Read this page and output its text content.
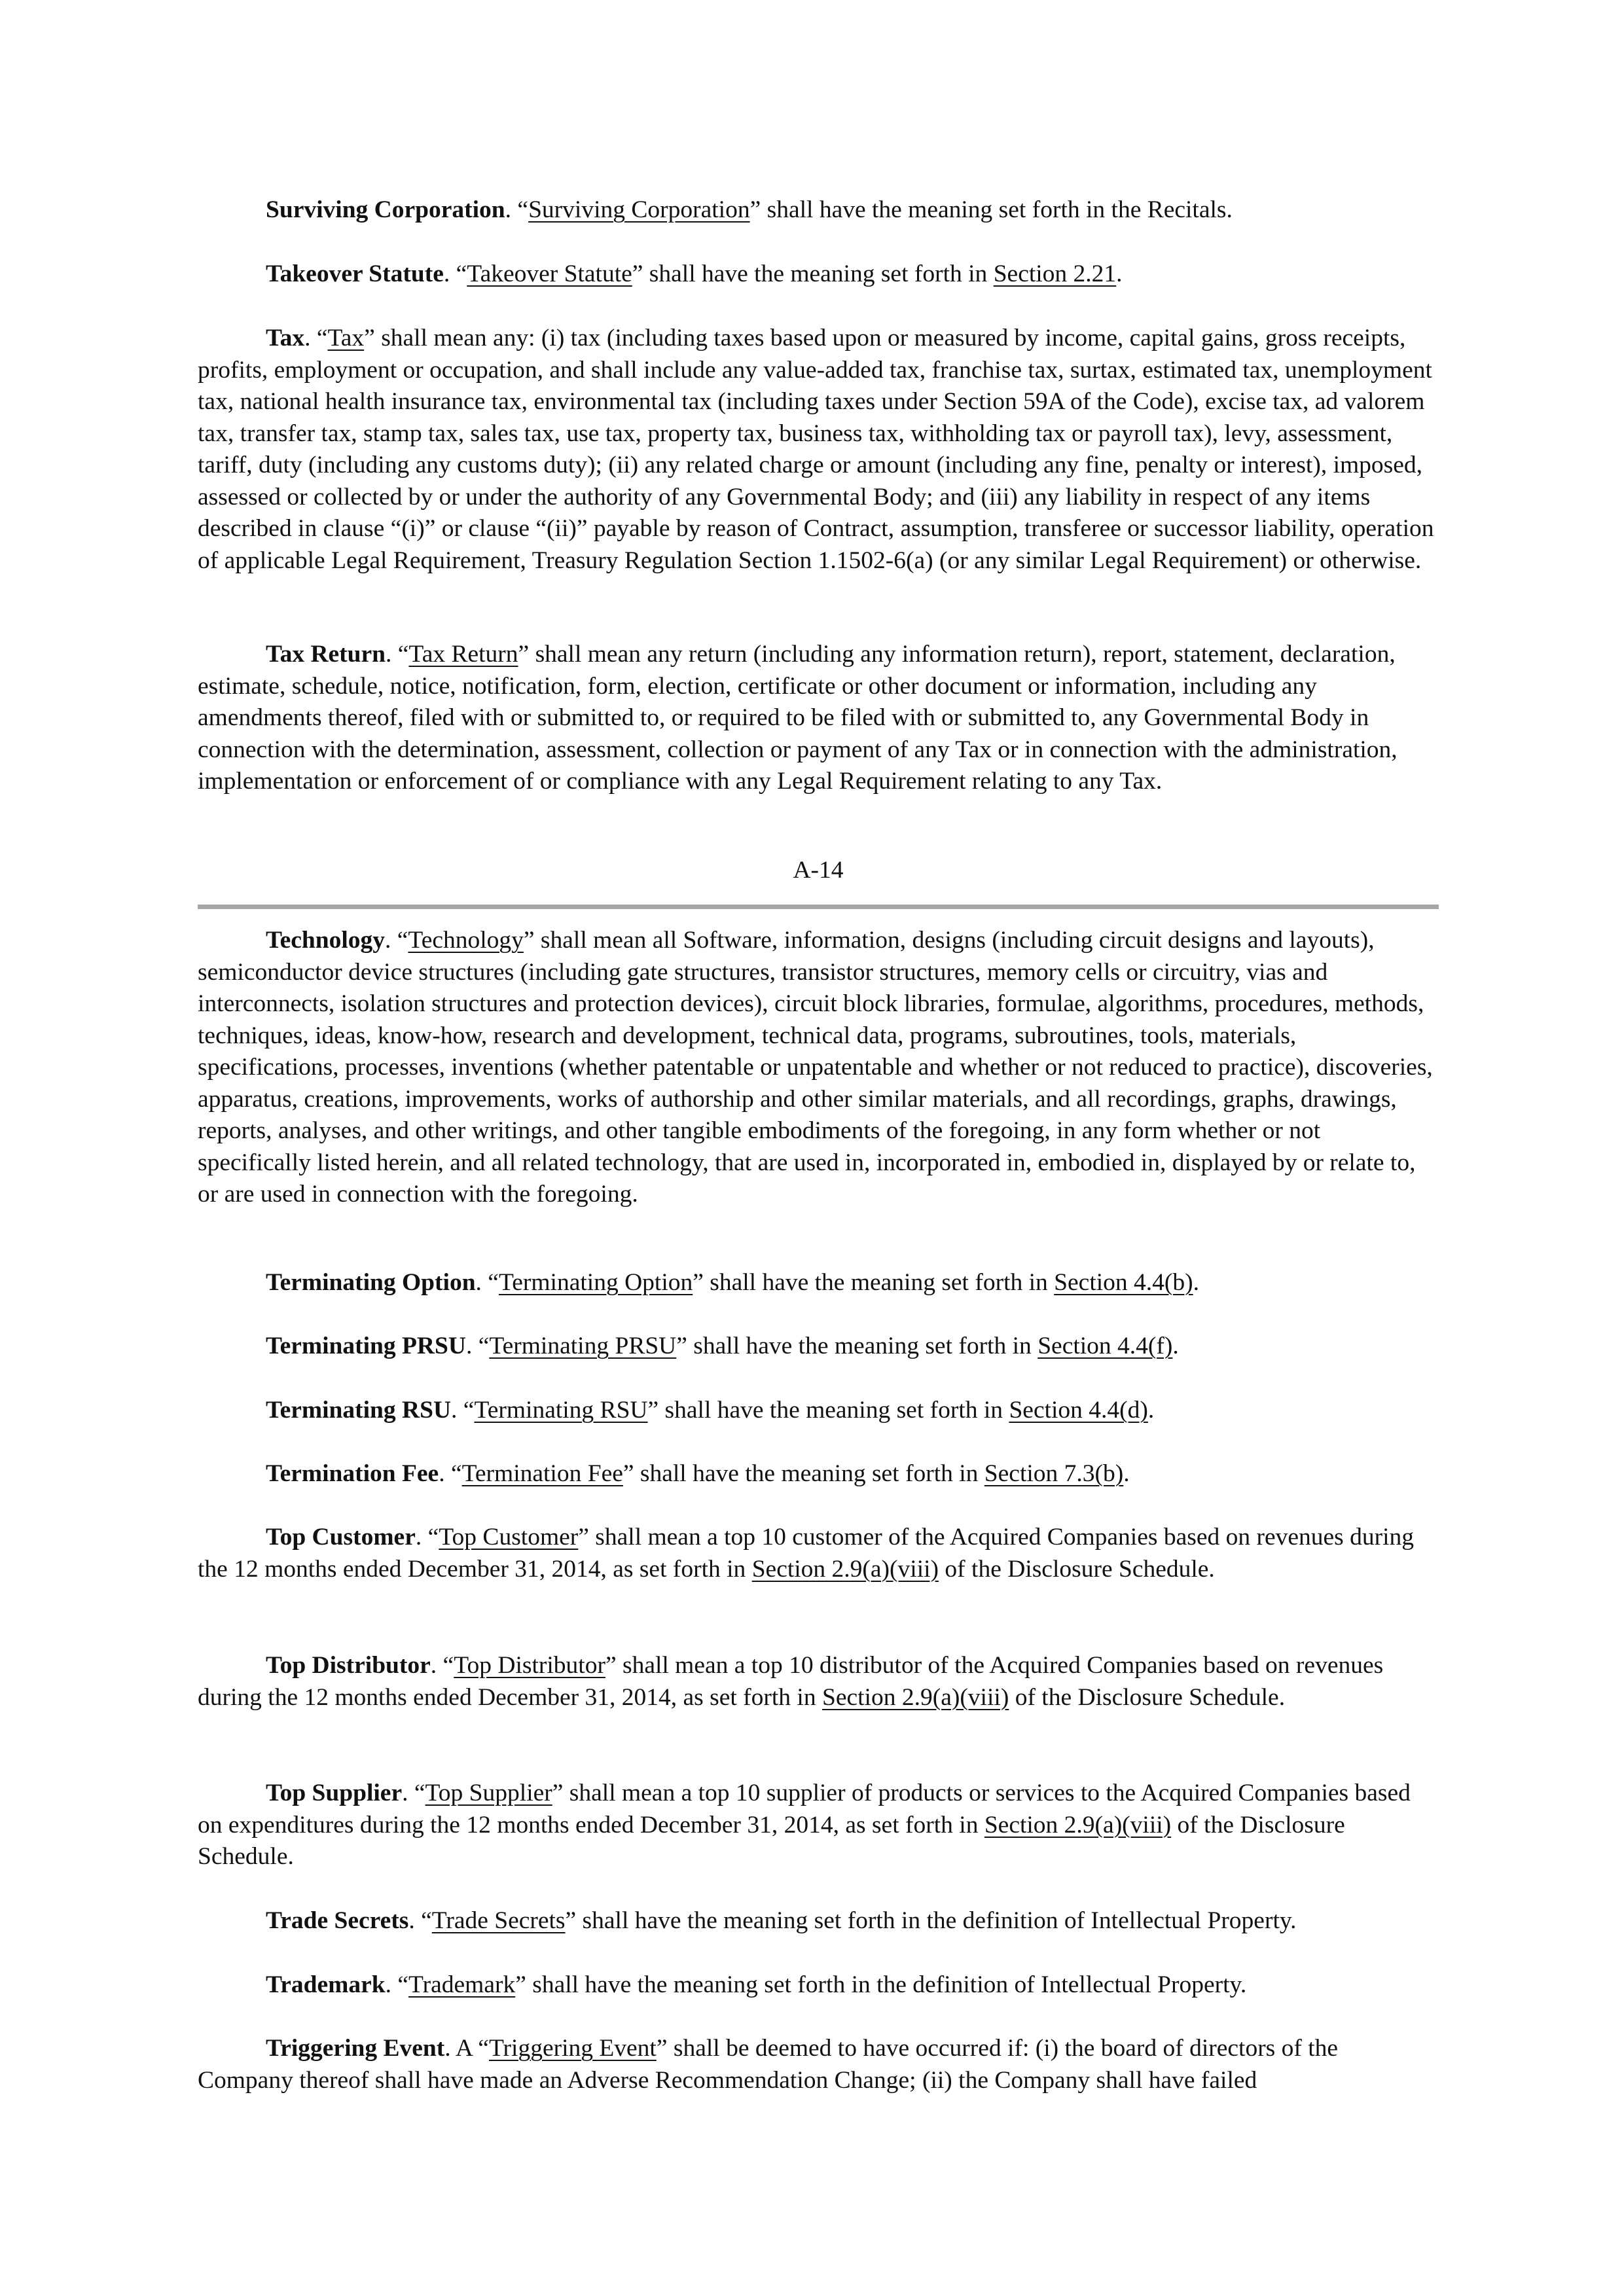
Surviving Corporation. “Surviving Corporation” shall have the meaning set forth in the Recitals.

Takeover Statute. “Takeover Statute” shall have the meaning set forth in Section 2.21.

Tax. “Tax” shall mean any: (i) tax (including taxes based upon or measured by income, capital gains, gross receipts, profits, employment or occupation, and shall include any value-added tax, franchise tax, surtax, estimated tax, unemployment tax, national health insurance tax, environmental tax (including taxes under Section 59A of the Code), excise tax, ad valorem tax, transfer tax, stamp tax, sales tax, use tax, property tax, business tax, withholding tax or payroll tax), levy, assessment, tariff, duty (including any customs duty); (ii) any related charge or amount (including any fine, penalty or interest), imposed, assessed or collected by or under the authority of any Governmental Body; and (iii) any liability in respect of any items described in clause “(i)” or clause “(ii)” payable by reason of Contract, assumption, transferee or successor liability, operation of applicable Legal Requirement, Treasury Regulation Section 1.1502-6(a) (or any similar Legal Requirement) or otherwise.

Tax Return. “Tax Return” shall mean any return (including any information return), report, statement, declaration, estimate, schedule, notice, notification, form, election, certificate or other document or information, including any amendments thereof, filed with or submitted to, or required to be filed with or submitted to, any Governmental Body in connection with the determination, assessment, collection or payment of any Tax or in connection with the administration, implementation or enforcement of or compliance with any Legal Requirement relating to any Tax.

A-14

Technology. “Technology” shall mean all Software, information, designs (including circuit designs and layouts), semiconductor device structures (including gate structures, transistor structures, memory cells or circuitry, vias and interconnects, isolation structures and protection devices), circuit block libraries, formulae, algorithms, procedures, methods, techniques, ideas, know-how, research and development, technical data, programs, subroutines, tools, materials, specifications, processes, inventions (whether patentable or unpatentable and whether or not reduced to practice), discoveries, apparatus, creations, improvements, works of authorship and other similar materials, and all recordings, graphs, drawings, reports, analyses, and other writings, and other tangible embodiments of the foregoing, in any form whether or not specifically listed herein, and all related technology, that are used in, incorporated in, embodied in, displayed by or relate to, or are used in connection with the foregoing.

Terminating Option. “Terminating Option” shall have the meaning set forth in Section 4.4(b).

Terminating PRSU. “Terminating PRSU” shall have the meaning set forth in Section 4.4(f).

Terminating RSU. “Terminating RSU” shall have the meaning set forth in Section 4.4(d).

Termination Fee. “Termination Fee” shall have the meaning set forth in Section 7.3(b).

Top Customer. “Top Customer” shall mean a top 10 customer of the Acquired Companies based on revenues during the 12 months ended December 31, 2014, as set forth in Section 2.9(a)(viii) of the Disclosure Schedule.

Top Distributor. “Top Distributor” shall mean a top 10 distributor of the Acquired Companies based on revenues during the 12 months ended December 31, 2014, as set forth in Section 2.9(a)(viii) of the Disclosure Schedule.

Top Supplier. “Top Supplier” shall mean a top 10 supplier of products or services to the Acquired Companies based on expenditures during the 12 months ended December 31, 2014, as set forth in Section 2.9(a)(viii) of the Disclosure Schedule.

Trade Secrets. “Trade Secrets” shall have the meaning set forth in the definition of Intellectual Property.

Trademark. “Trademark” shall have the meaning set forth in the definition of Intellectual Property.

Triggering Event. A “Triggering Event” shall be deemed to have occurred if: (i) the board of directors of the Company thereof shall have made an Adverse Recommendation Change; (ii) the Company shall have failed
